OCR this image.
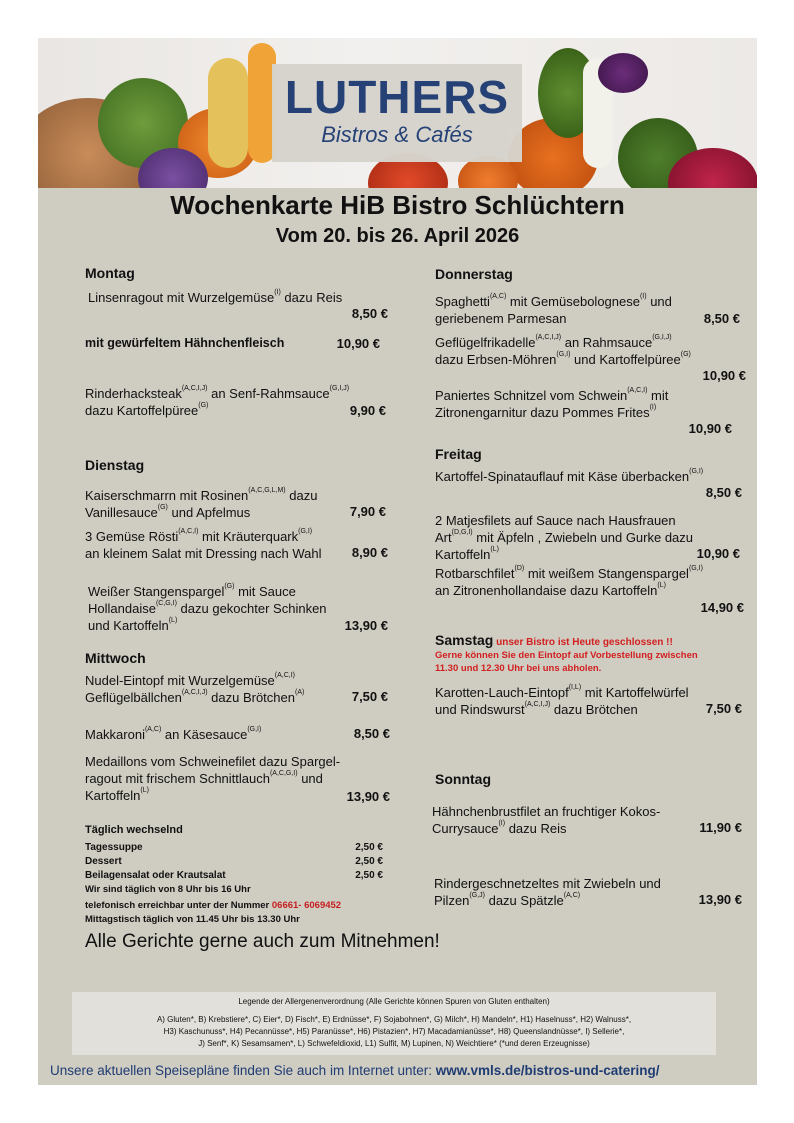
LUTHERS
Bistros & Cafés
Wochenkarte HiB Bistro Schlüchtern
Vom 20. bis 26. April 2026
Montag
Linsenragout mit Wurzelgemüse$^{(I)}$ dazu Reis
8,50 €
mit gewürfeltem Hähnchenfleisch	10,90 €
Rinderhacksteak$^{(A,C,I,J)}$ an Senf-Rahmsauce$^{(G,I,J)}$
dazu Kartoffelpüree$^{(G)}$	9,90 €
Dienstag
Kaiserschmarrn mit Rosinen$^{(A,C,G,L,M)}$ dazu
Vanillesauce$^{(G)}$ und Apfelmus	7,90 €
3 Gemüse Rösti$^{(A,C,I)}$ mit Kräuterquark$^{(G,I)}$
an kleinem Salat mit Dressing nach Wahl	8,90 €
Weißer Stangenspargel$^{(G)}$ mit Sauce
Hollandaise$^{(C,G,I)}$ dazu gekochter Schinken
und Kartoffeln$^{(L)}$	13,90 €
Mittwoch
Nudel-Eintopf mit Wurzelgemüse$^{(A,C,I)}$
Geflügelbällchen$^{(A,C,I,J)}$ dazu Brötchen$^{(A)}$	7,50 €
Makkaroni$^{(A,C)}$ an Käsesauce$^{(G,I)}$	8,50 €
Medaillons vom Schweinefilet dazu Spargel-
ragout mit frischem Schnittlauch$^{(A,C,G,I)}$ und
Kartoffeln$^{(L)}$	13,90 €
Täglich wechselnd
Tagessuppe	2,50 €
Dessert	2,50 €
Beilagensalat oder Krautsalat	2,50 €
Wir sind täglich von 8 Uhr bis 16 Uhr
telefonisch erreichbar unter der Nummer 06661- 6069452
Mittagstisch täglich von 11.45 Uhr bis 13.30 Uhr
Alle Gerichte gerne auch zum Mitnehmen!
Donnerstag
Spaghetti$^{(A,C)}$ mit Gemüsebolognese$^{(I)}$ und
geriebenem Parmesan	8,50 €
Geflügelfrikadelle$^{(A,C,I,J)}$ an Rahmsauce$^{(G,I,J)}$
dazu Erbsen-Möhren$^{(G,I)}$ und Kartoffelpüree$^{(G)}$
10,90 €
Paniertes Schnitzel vom Schwein$^{(A,C,I)}$ mit
Zitronengarnitur dazu Pommes Frites$^{(I)}$
10,90 €
Freitag
Kartoffel-Spinatauflauf mit Käse überbacken$^{(G,I)}$
8,50 €
2 Matjesfilets auf Sauce nach Hausfrauen
Art$^{(D,G,I)}$ mit Äpfeln , Zwiebeln und Gurke dazu
Kartoffeln$^{(L)}$	10,90 €
Rotbarschfilet$^{(D)}$ mit weißem Stangenspargel$^{(G,I)}$
an Zitronenhollandaise dazu Kartoffeln$^{(L)}$
14,90 €
Samstag unser Bistro ist Heute geschlossen !!
Gerne können Sie den Eintopf auf Vorbestellung zwischen
11.30 und 12.30 Uhr bei uns abholen.
Karotten-Lauch-Eintopf$^{(I,L)}$ mit Kartoffelwürfel
und Rindswurst$^{(A,C,I,J)}$ dazu Brötchen	7,50 €
Sonntag
Hähnchenbrustfilet an fruchtiger Kokos-
Currysauce$^{(I)}$ dazu Reis	11,90 €
Rindergeschnetzeltes mit Zwiebeln und
Pilzen$^{(G,J)}$ dazu Spätzle$^{(A,C)}$	13,90 €
Legende der Allergenenverordnung (Alle Gerichte können Spuren von Gluten enthalten)
A) Gluten*, B) Krebstiere*, C) Eier*, D) Fisch*, E) Erdnüsse*, F) Sojabohnen*, G) Milch*, H) Mandeln*, H1) Haselnuss*, H2) Walnuss*,
H3) Kaschunuss*, H4) Pecannüsse*, H5) Paranüsse*, H6) Pistazien*, H7) Macadamianüsse*, H8) Queenslandnüsse*, I) Sellerie*,
J) Senf*, K) Sesamsamen*, L) Schwefeldioxid, L1) Sulfit, M) Lupinen, N) Weichtiere* (*und deren Erzeugnisse)
Unsere aktuellen Speisepläne finden Sie auch im Internet unter: www.vmls.de/bistros-und-catering/
